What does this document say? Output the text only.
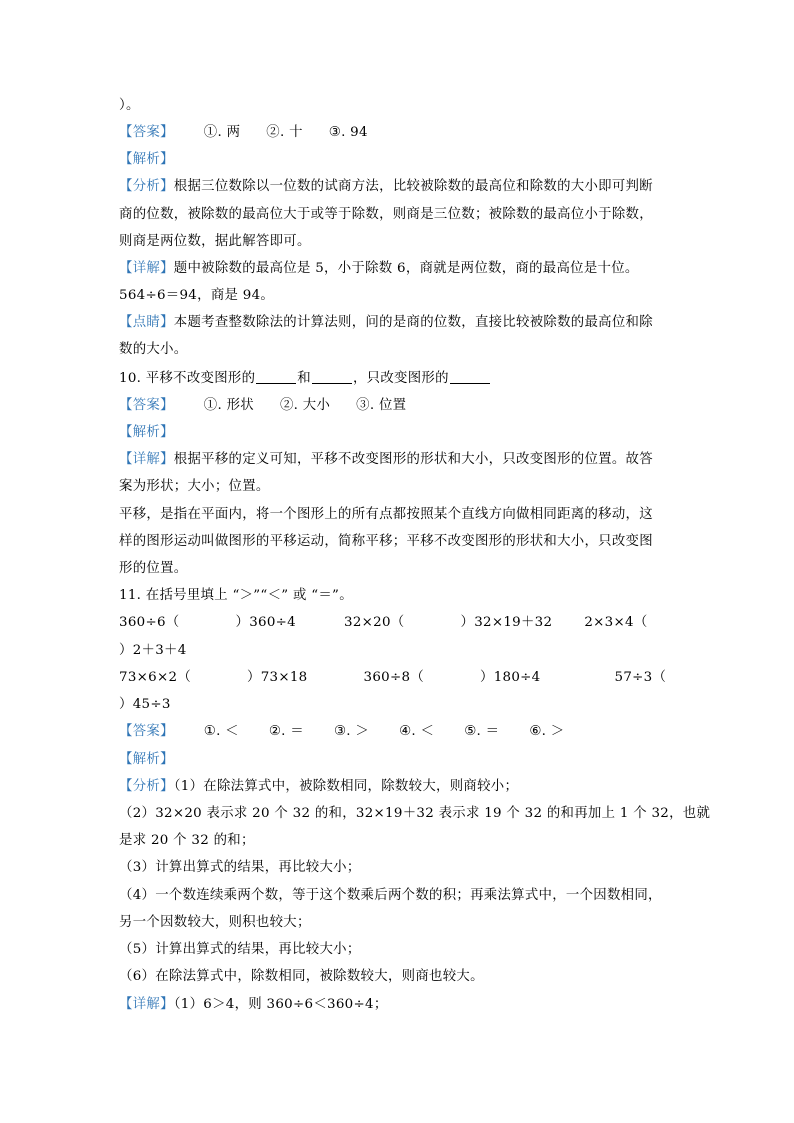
）。
【答案】 ①. 两 ②. 十 ③. 94
【解析】
【分析】根据三位数除以一位数的试商方法，比较被除数的最高位和除数的大小即可判断
商的位数，被除数的最高位大于或等于除数，则商是三位数；被除数的最高位小于除数，
则商是两位数，据此解答即可。
【详解】题中被除数的最高位是 5，小于除数 6，商就是两位数，商的最高位是十位。
564÷6＝94，商是 94。
【点睛】本题考查整数除法的计算法则，问的是商的位数，直接比较被除数的最高位和除
数的大小。
10. 平移不改变图形的	和	，只改变图形的
【答案】 ①. 形状 ②. 大小 ③. 位置
【解析】
【详解】根据平移的定义可知，平移不改变图形的形状和大小，只改变图形的位置。故答
案为形状；大小；位置。
平移，是指在平面内，将一个图形上的所有点都按照某个直线方向做相同距离的移动，这
样的图形运动叫做图形的平移运动，简称平移；平移不改变图形的形状和大小，只改变图
形的位置。
11. 在括号里填上 “＞”“＜” 或 “＝”。
360÷6（	）360÷4	32×20（	）32×19＋32 2×3×4（
）2＋3＋4
73×6×2（	）73×18	360÷8（	）180÷4	57÷3（
）45÷3
【答案】 ①. ＜ ②. ＝ ③. ＞ ④. ＜ ⑤. ＝ ⑥. ＞
【解析】
【分析】（1）在除法算式中，被除数相同，除数较大，则商较小；
（2）32×20 表示求 20 个 32 的和，32×19＋32 表示求 19 个 32 的和再加上 1 个 32，也就
是求 20 个 32 的和；
（3）计算出算式的结果，再比较大小；
（4）一个数连续乘两个数，等于这个数乘后两个数的积；再乘法算式中，一个因数相同，
另一个因数较大，则积也较大；
（5）计算出算式的结果，再比较大小；
（6）在除法算式中，除数相同，被除数较大，则商也较大。
【详解】（1）6＞4，则 360÷6＜360÷4；
